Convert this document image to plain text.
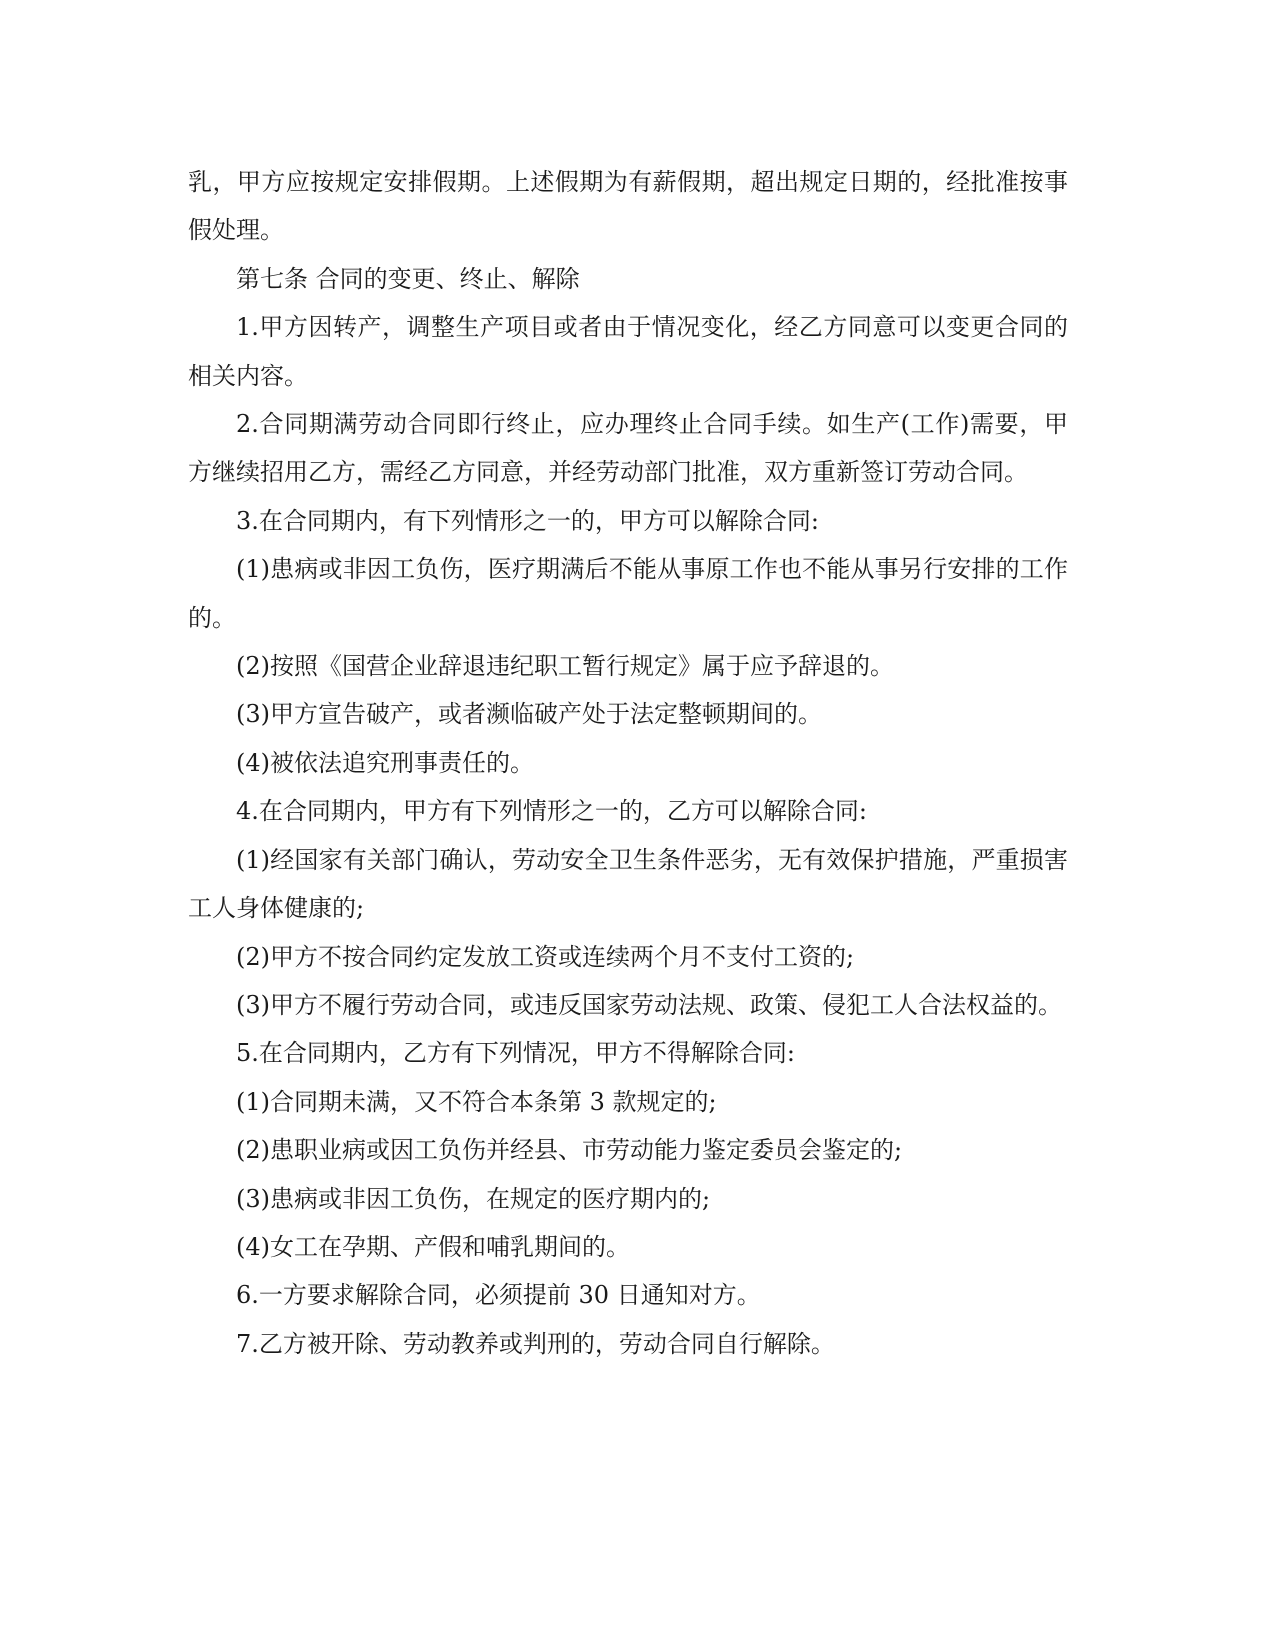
乳，甲方应按规定安排假期。上述假期为有薪假期，超出规定日期的，经批准按事假处理。

第七条 合同的变更、终止、解除

1.甲方因转产，调整生产项目或者由于情况变化，经乙方同意可以变更合同的相关内容。

2.合同期满劳动合同即行终止，应办理终止合同手续。如生产(工作)需要，甲方继续招用乙方，需经乙方同意，并经劳动部门批准，双方重新签订劳动合同。

3.在合同期内，有下列情形之一的，甲方可以解除合同:

(1)患病或非因工负伤，医疗期满后不能从事原工作也不能从事另行安排的工作的。

(2)按照《国营企业辞退违纪职工暂行规定》属于应予辞退的。

(3)甲方宣告破产，或者濒临破产处于法定整顿期间的。

(4)被依法追究刑事责任的。

4.在合同期内，甲方有下列情形之一的，乙方可以解除合同:

(1)经国家有关部门确认，劳动安全卫生条件恶劣，无有效保护措施，严重损害工人身体健康的;

(2)甲方不按合同约定发放工资或连续两个月不支付工资的;

(3)甲方不履行劳动合同，或违反国家劳动法规、政策、侵犯工人合法权益的。

5.在合同期内，乙方有下列情况，甲方不得解除合同:

(1)合同期未满，又不符合本条第 3 款规定的;

(2)患职业病或因工负伤并经县、市劳动能力鉴定委员会鉴定的;

(3)患病或非因工负伤，在规定的医疗期内的;

(4)女工在孕期、产假和哺乳期间的。

6.一方要求解除合同，必须提前 30 日通知对方。

7.乙方被开除、劳动教养或判刑的，劳动合同自行解除。
